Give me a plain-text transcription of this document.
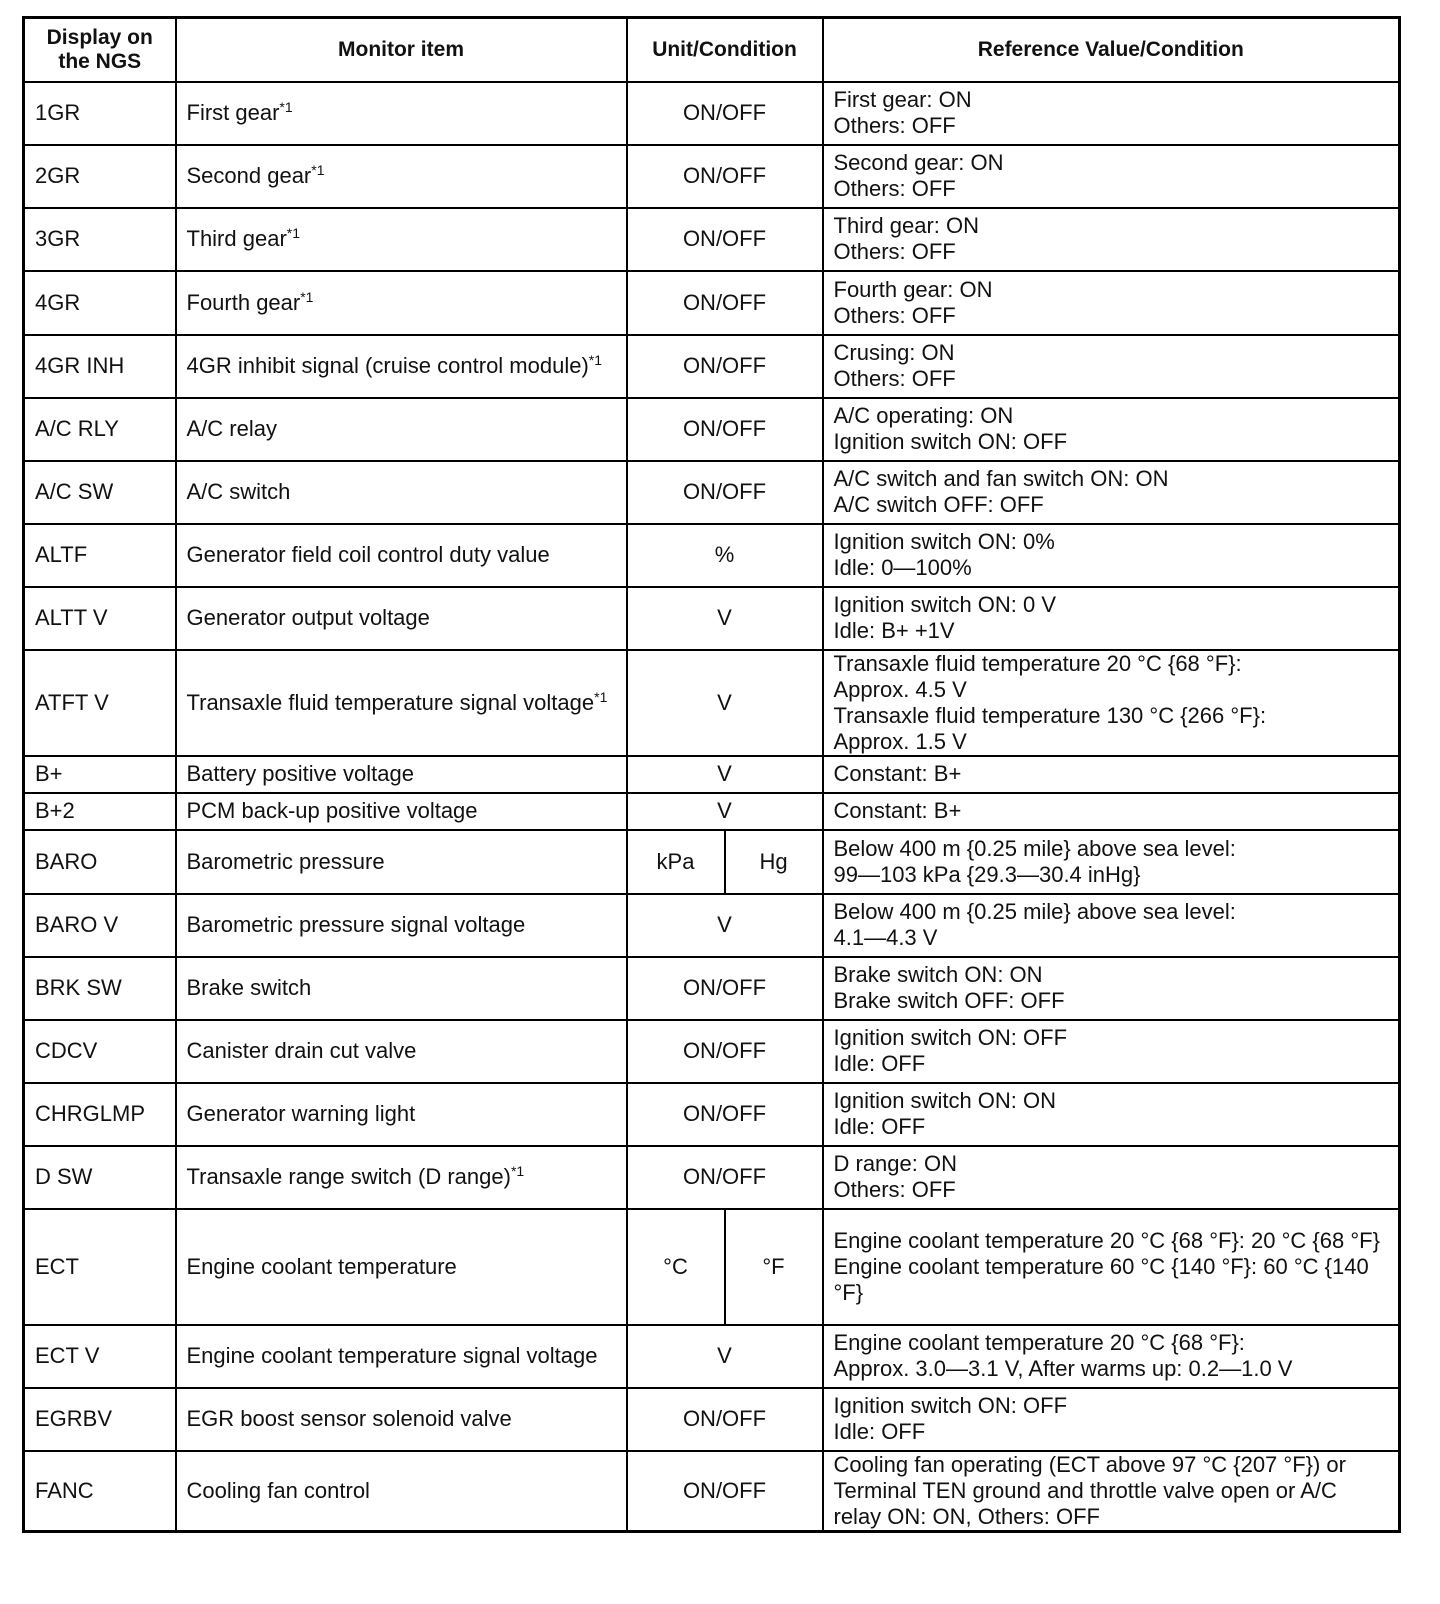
Display on the NGS	Monitor item	Unit/Condition		Reference Value/Condition
1GR	First gear$^{*1}$	ON/OFF		First gear: ON
Others: OFF

2GR	Second gear$^{*1}$	ON/OFF		Second gear: ON
Others: OFF

3GR	Third gear$^{*1}$	ON/OFF		Third gear: ON
Others: OFF

4GR	Fourth gear$^{*1}$	ON/OFF		Fourth gear: ON
Others: OFF

4GR INH	4GR inhibit signal (cruise control module)$^{*1}$	ON/OFF		Crusing: ON
Others: OFF

A/C RLY	A/C relay	ON/OFF		A/C operating: ON
Ignition switch ON: OFF

A/C SW	A/C switch	ON/OFF		A/C switch and fan switch ON: ON
A/C switch OFF: OFF

ALTF	Generator field coil control duty value	%		Ignition switch ON: 0%
Idle: 0—100%

ALTT V	Generator output voltage	V		Ignition switch ON: 0 V
Idle: B+ +1V

ATFT V	Transaxle fluid temperature signal voltage$^{*1}$	V		Transaxle fluid temperature 20 °C {68 °F}:
Approx. 4.5 V
Transaxle fluid temperature 130 °C {266 °F}:
Approx. 1.5 V

B+	Battery positive voltage	V		Constant: B+

B+2	PCM back-up positive voltage	V		Constant: B+

BARO	Barometric pressure	kPa	Hg	Below 400 m {0.25 mile} above sea level:
99—103 kPa {29.3—30.4 inHg}

BARO V	Barometric pressure signal voltage	V		Below 400 m {0.25 mile} above sea level:
4.1—4.3 V

BRK SW	Brake switch	ON/OFF		Brake switch ON: ON
Brake switch OFF: OFF

CDCV	Canister drain cut valve	ON/OFF		Ignition switch ON: OFF
Idle: OFF

CHRGLMP	Generator warning light	ON/OFF		Ignition switch ON: ON
Idle: OFF

D SW	Transaxle range switch (D range)$^{*1}$	ON/OFF		D range: ON
Others: OFF

ECT	Engine coolant temperature	°C	°F	Engine coolant temperature 20 °C {68 °F}: 20 °C {68 °F}
Engine coolant temperature 60 °C {140 °F}: 60 °C {140 °F}

ECT V	Engine coolant temperature signal voltage	V		Engine coolant temperature 20 °C {68 °F}:
Approx. 3.0—3.1 V, After warms up: 0.2—1.0 V

EGRBV	EGR boost sensor solenoid valve	ON/OFF		Ignition switch ON: OFF
Idle: OFF

FANC	Cooling fan control	ON/OFF		Cooling fan operating (ECT above 97 °C {207 °F}) or Terminal TEN ground and throttle valve open or A/C relay ON: ON, Others: OFF
